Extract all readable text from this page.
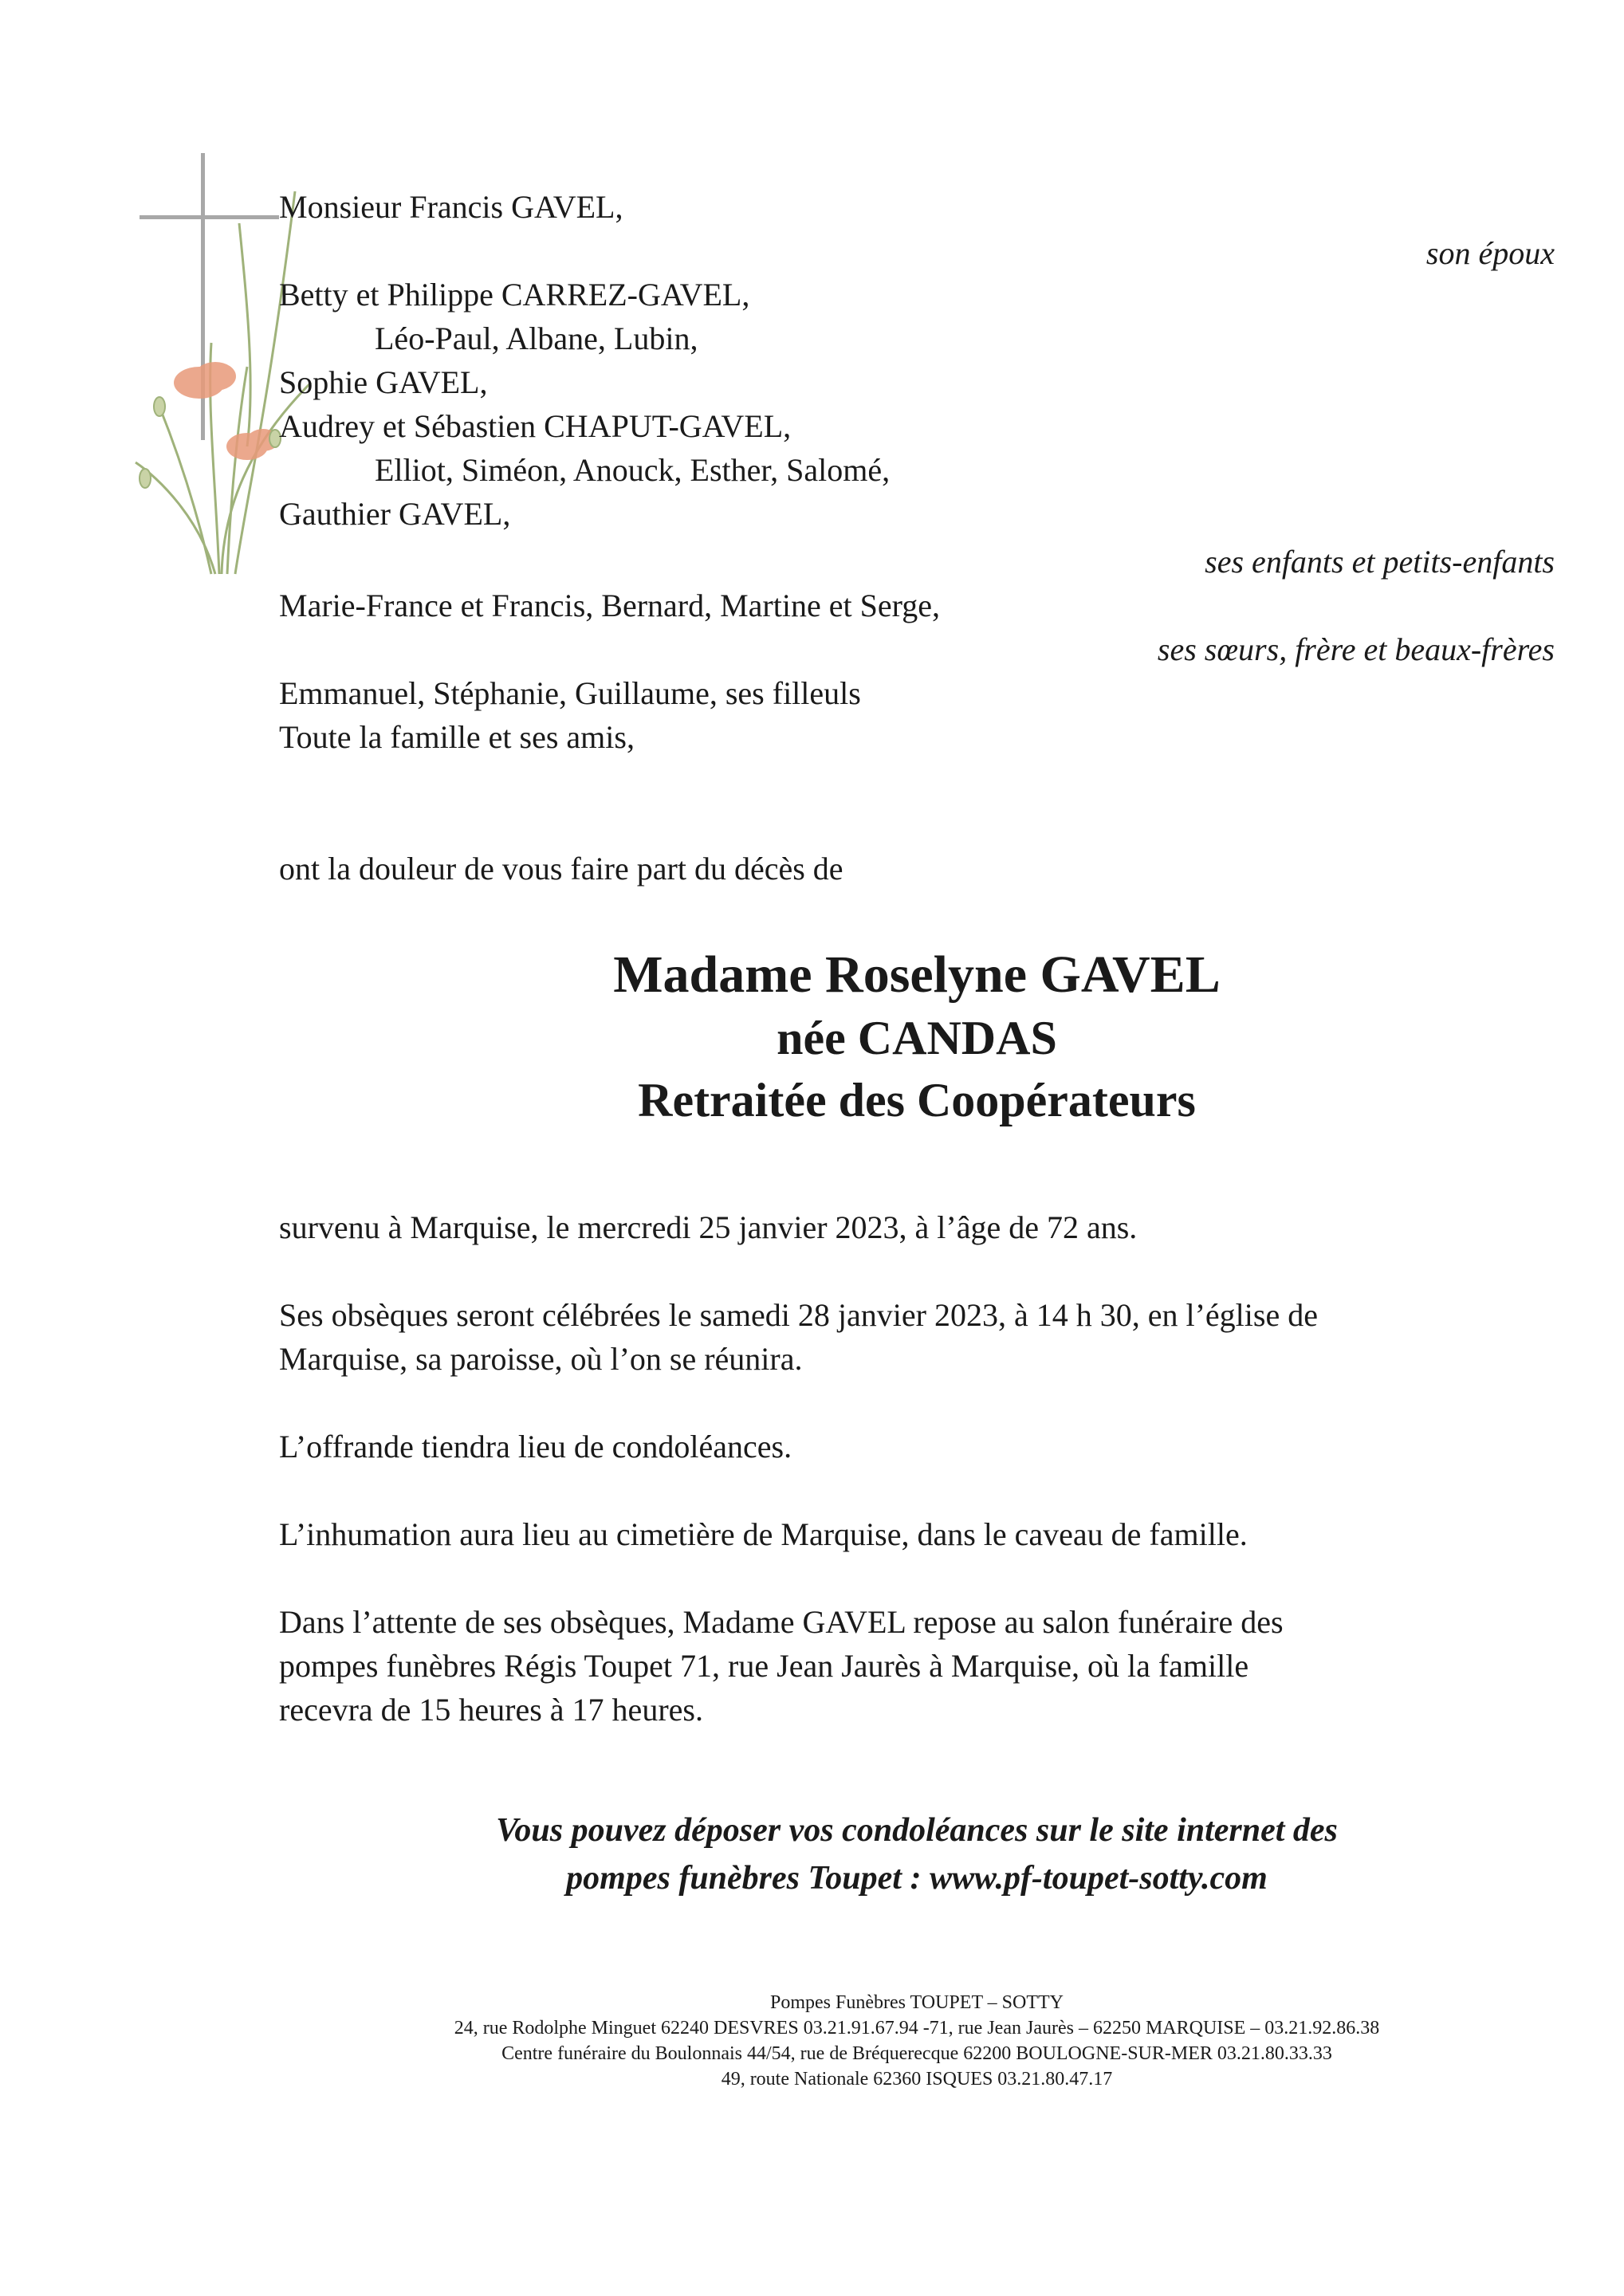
Monsieur Francis GAVEL,
son époux
Betty et Philippe CARREZ-GAVEL,
Léo-Paul, Albane, Lubin,
Sophie GAVEL,
Audrey et Sébastien CHAPUT-GAVEL,
Elliot, Siméon, Anouck, Esther, Salomé,
Gauthier GAVEL,
ses enfants et petits-enfants
Marie-France et Francis, Bernard, Martine et Serge,
ses sœurs, frère et beaux-frères
Emmanuel, Stéphanie, Guillaume, ses filleuls
Toute la famille et ses amis,
ont la douleur de vous faire part du décès de
Madame Roselyne GAVEL
née CANDAS
Retraitée des Coopérateurs
survenu à Marquise, le mercredi 25 janvier 2023, à l’âge de 72 ans.
Ses obsèques seront célébrées le samedi 28 janvier 2023, à 14 h 30, en l’église de
Marquise, sa paroisse, où l’on se réunira.
L’offrande tiendra lieu de condoléances.
L’inhumation aura lieu au cimetière de Marquise, dans le caveau de famille.
Dans l’attente de ses obsèques, Madame GAVEL repose au salon funéraire des
pompes funèbres Régis Toupet 71, rue Jean Jaurès à Marquise, où la famille
recevra de 15 heures à 17 heures.
Vous pouvez déposer vos condoléances sur le site internet des
pompes funèbres Toupet : www.pf-toupet-sotty.com
Pompes Funèbres TOUPET – SOTTY
24, rue Rodolphe Minguet 62240 DESVRES 03.21.91.67.94 -71, rue Jean Jaurès – 62250 MARQUISE – 03.21.92.86.38
Centre funéraire du Boulonnais 44/54, rue de Bréquerecque 62200 BOULOGNE-SUR-MER 03.21.80.33.33
49, route Nationale 62360 ISQUES 03.21.80.47.17
